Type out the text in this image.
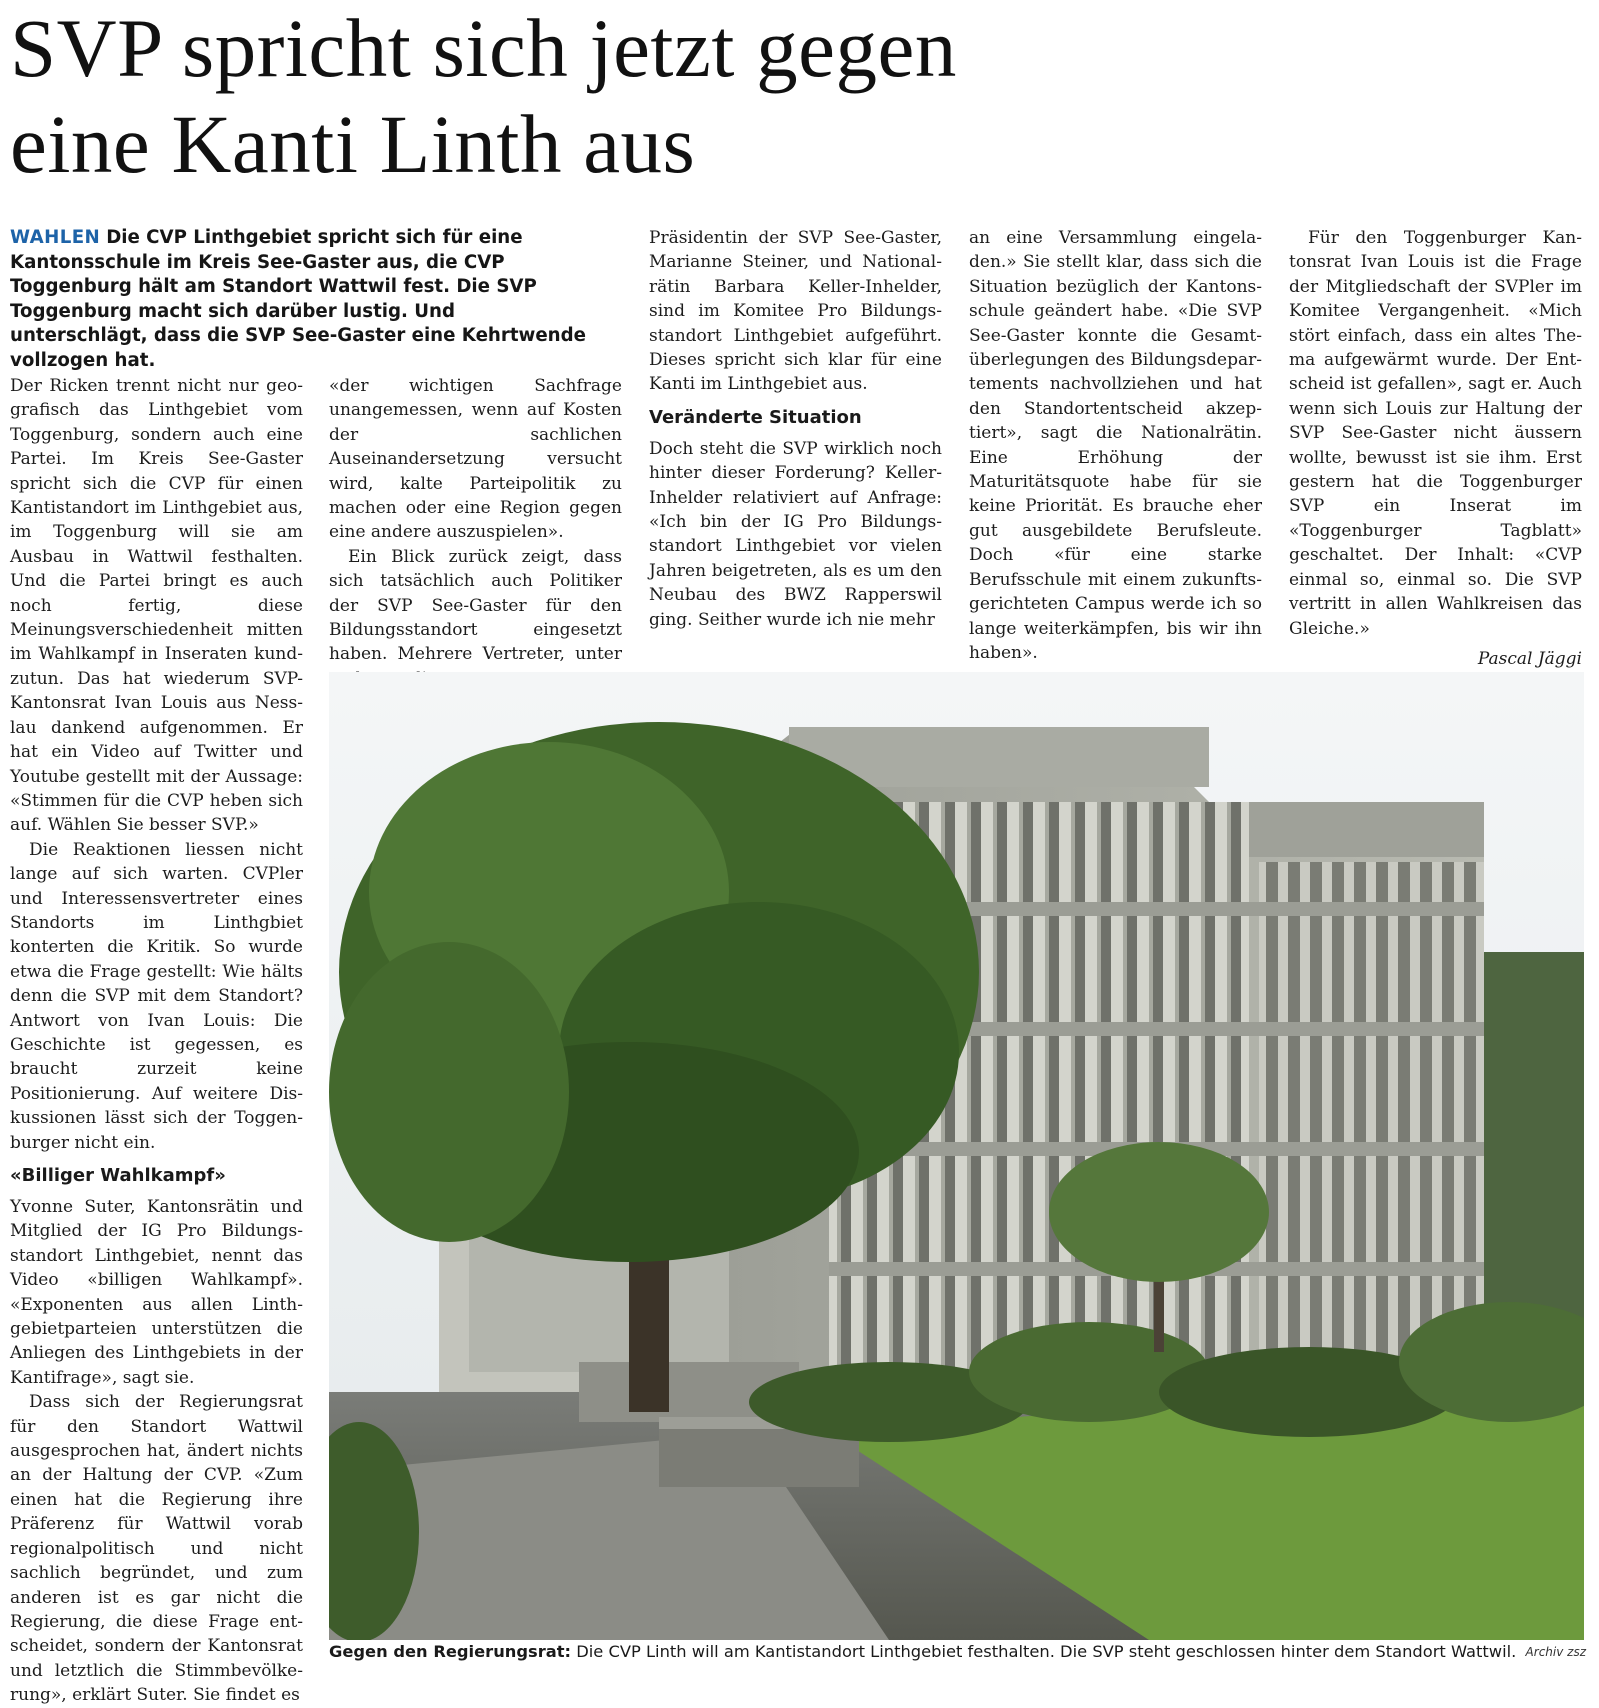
SVP spricht sich jetzt gegen
eine Kanti Linth aus
WAHLEN Die CVP Linthgebiet spricht sich für eine Kantonsschule im Kreis See-Gaster aus, die CVP Toggenburg hält am Standort Wattwil fest. Die SVP Toggenburg macht sich darüber lustig. Und unterschlägt, dass die SVP See-Gaster eine Kehrtwende vollzogen hat.

Der Ricken trennt nicht nur geografisch das Linthgebiet vom Toggenburg, sondern auch eine Partei. Im Kreis See-Gaster spricht sich die CVP für einen Kantistandort im Linthgebiet aus, im Toggenburg will sie am Ausbau in Wattwil festhalten. Und die Partei bringt es auch noch fertig, diese Meinungsverschiedenheit mitten im Wahlkampf in Inseraten kundzutun. Das hat wiederum SVP-Kantonsrat Ivan Louis aus Nesslau dankend aufgenommen. Er hat ein Video auf Twitter und Youtube gestellt mit der Aussage: «Stimmen für die CVP heben sich auf. Wählen Sie besser SVP.»

Die Reaktionen liessen nicht lange auf sich warten. CVPler und Interessensvertreter eines Standorts im Linthgbiet konterten die Kritik. So wurde etwa die Frage gestellt: Wie hälts denn die SVP mit dem Standort? Antwort von Ivan Louis: Die Geschichte ist gegessen, es braucht zurzeit keine Positionierung. Auf weitere Diskussionen lässt sich der Toggenburger nicht ein.

«Billiger Wahlkampf»

Yvonne Suter, Kantonsrätin und Mitglied der IG Pro Bildungsstandort Linthgebiet, nennt das Video «billigen Wahlkampf». «Exponenten aus allen Linthgebietparteien unterstützen die Anliegen des Linthgebiets in der Kantifrage», sagt sie.

Dass sich der Regierungsrat für den Standort Wattwil ausgesprochen hat, ändert nichts an der Haltung der CVP. «Zum einen hat die Regierung ihre Präferenz für Wattwil vorab regionalpolitisch und nicht sachlich begründet, und zum anderen ist es gar nicht die Regierung, die diese Frage entscheidet, sondern der Kantonsrat und letztlich die Stimmbevölkerung», erklärt Suter. Sie findet es

«der wichtigen Sachfrage unangemessen, wenn auf Kosten der sachlichen Auseinandersetzung versucht wird, kalte Parteipolitik zu machen oder eine Region gegen eine andere auszuspielen».

Ein Blick zurück zeigt, dass sich tatsächlich auch Politiker der SVP See-Gaster für den Bildungsstandort eingesetzt haben. Mehrere Vertreter, unter

Präsidentin der SVP See-Gaster, Marianne Steiner, und Nationalrätin Barbara Keller-Inhelder, sind im Komitee Pro Bildungsstandort Linthgebiet aufgeführt. Dieses spricht sich klar für eine Kanti im Linthgebiet aus.

Veränderte Situation

Doch steht die SVP wirklich noch hinter dieser Forderung? Keller-Inhelder relativiert auf Anfrage: «Ich bin der IG Pro Bildungsstandort Linthgebiet vor vielen Jahren beigetreten, als es um den Neubau des BWZ Rapperswil ging. Seither wurde ich nie mehr

an eine Versammlung eingeladen.» Sie stellt klar, dass sich die Situation bezüglich der Kantonsschule geändert habe. «Die SVP See-Gaster konnte die Gesamtüberlegungen des Bildungsdepartements nachvollziehen und hat den Standortentscheid akzeptiert», sagt die Nationalrätin. Eine Erhöhung der Maturitätsquote habe für sie keine Priorität. Es brauche eher gut ausgebildete Berufsleute. Doch «für eine starke Berufsschule mit einem zukunftsgerichteten Campus werde ich so lange weiterkämpfen, bis wir ihn haben».

Für den Toggenburger Kantonsrat Ivan Louis ist die Frage der Mitgliedschaft der SVPler im Komitee Vergangenheit. «Mich stört einfach, dass ein altes Thema aufgewärmt wurde. Der Entscheid ist gefallen», sagt er. Auch wenn sich Louis zur Haltung der SVP See-Gaster nicht äussern wollte, bewusst ist sie ihm. Erst gestern hat die Toggenburger SVP ein Inserat im «Toggenburger Tagblatt» geschaltet. Der Inhalt: «CVP einmal so, einmal so. Die SVP vertritt in allen Wahlkreisen das Gleiche.»

Pascal Jäggi

Gegen den Regierungsrat: Die CVP Linth will am Kantistandort Linthgebiet festhalten. Die SVP steht geschlossen hinter dem Standort Wattwil. Archiv zsz
